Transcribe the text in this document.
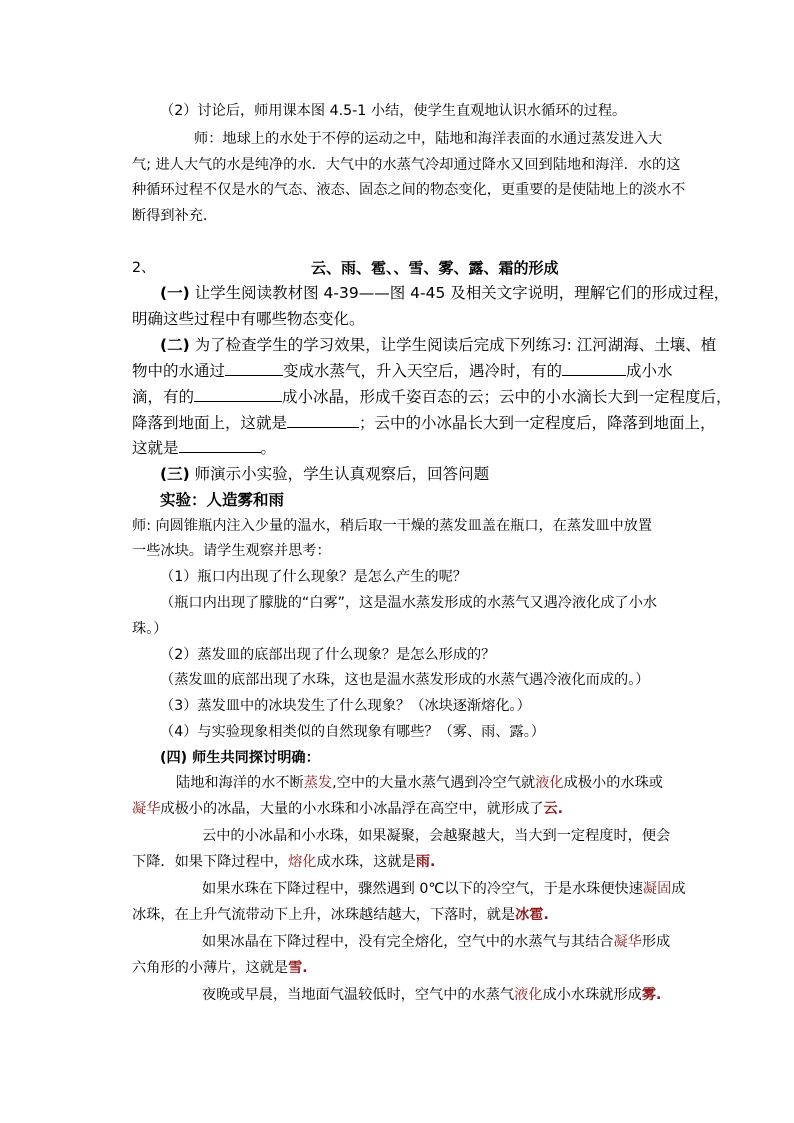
（2）讨论后，师用课本图 4.5-1 小结，使学生直观地认识水循环的过程。
师：地球上的水处于不停的运动之中，陆地和海洋表面的水通过蒸发进入大
气; 进人大气的水是纯净的水．大气中的水蒸气冷却通过降水又回到陆地和海洋．水的这
种循环过程不仅是水的气态、液态、固态之间的物态变化，更重要的是使陆地上的淡水不
断得到补充．
2、	云、雨、雹、、雪、雾、露、霜的形成
(一) 让学生阅读教材图 4-39——图 4-45 及相关文字说明，理解它们的形成过程，
明确这些过程中有哪些物态变化。
(二) 为了检查学生的学习效果，让学生阅读后完成下列练习: 江河湖海、土壤、植
物中的水通过	变成水蒸气，升入天空后，遇冷时，有的	成小水
滴，有的	成小冰晶，形成千姿百态的云；云中的小水滴长大到一定程度后，
降落到地面上，这就是	；云中的小冰晶长大到一定程度后，降落到地面上，
这就是	。
(三) 师演示小实验，学生认真观察后，回答问题
实验：人造雾和雨
师: 向圆锥瓶内注入少量的温水，稍后取一干燥的蒸发皿盖在瓶口，在蒸发皿中放置
一些冰块。请学生观察并思考：
（1）瓶口内出现了什么现象？是怎么产生的呢？
（瓶口内出现了朦胧的“白雾”，这是温水蒸发形成的水蒸气又遇冷液化成了小水
珠。）
（2）蒸发皿的底部出现了什么现象？是怎么形成的？
（蒸发皿的底部出现了水珠，这也是温水蒸发形成的水蒸气遇冷液化而成的。）
（3）蒸发皿中的冰块发生了什么现象？（冰块逐渐熔化。）
（4）与实验现象相类似的自然现象有哪些？（雾、雨、露。）
(四) 师生共同探讨明确：
陆地和海洋的水不断蒸发,空中的大量水蒸气遇到冷空气就液化成极小的水珠或
凝华成极小的冰晶，大量的小水珠和小冰晶浮在高空中，就形成了云.
云中的小冰晶和小水珠，如果凝聚，会越聚越大，当大到一定程度时，便会
下降．如果下降过程中，熔化成水珠，这就是雨.
如果水珠在下降过程中，骤然遇到 0℃以下的冷空气，于是水珠便快速凝固成
冰珠，在上升气流带动下上升，冰珠越结越大，下落时，就是冰雹.
如果冰晶在下降过程中，没有完全熔化，空气中的水蒸气与其结合凝华形成
六角形的小薄片，这就是雪.
夜晚或早晨，当地面气温较低时，空气中的水蒸气液化成小水珠就形成雾.
